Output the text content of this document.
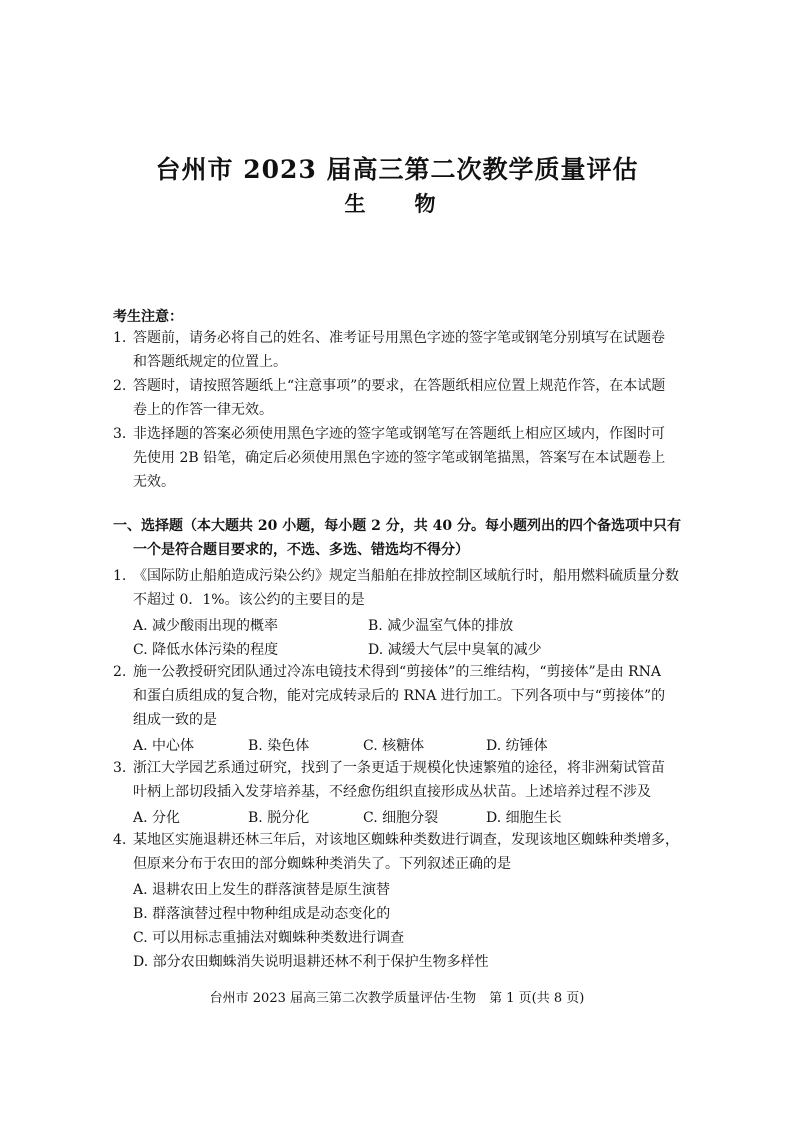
台州市 2023 届高三第二次教学质量评估
生　物
考生注意：
1. 答题前，请务必将自己的姓名、准考证号用黑色字迹的签字笔或钢笔分别填写在试题卷
和答题纸规定的位置上。
2. 答题时，请按照答题纸上“注意事项”的要求，在答题纸相应位置上规范作答，在本试题
卷上的作答一律无效。
3. 非选择题的答案必须使用黑色字迹的签字笔或钢笔写在答题纸上相应区域内，作图时可
先使用 2B 铅笔，确定后必须使用黑色字迹的签字笔或钢笔描黑，答案写在本试题卷上
无效。
一、选择题（本大题共 20 小题，每小题 2 分，共 40 分。每小题列出的四个备选项中只有
一个是符合题目要求的，不选、多选、错选均不得分）
1. 《国际防止船舶造成污染公约》规定当船舶在排放控制区域航行时，船用燃料硫质量分数
不超过 0．1%。该公约的主要目的是
A. 减少酸雨出现的概率	B. 减少温室气体的排放
C. 降低水体污染的程度	D. 减缓大气层中臭氧的减少
2. 施一公教授研究团队通过冷冻电镜技术得到“剪接体”的三维结构，“剪接体”是由 RNA
和蛋白质组成的复合物，能对完成转录后的 RNA 进行加工。下列各项中与“剪接体”的
组成一致的是
A. 中心体	B. 染色体	C. 核糖体	D. 纺锤体
3. 浙江大学园艺系通过研究，找到了一条更适于规模化快速繁殖的途径，将非洲菊试管苗
叶柄上部切段插入发芽培养基，不经愈伤组织直接形成丛状苗。上述培养过程不涉及
A. 分化	B. 脱分化	C. 细胞分裂	D. 细胞生长
4. 某地区实施退耕还林三年后，对该地区蜘蛛种类数进行调查，发现该地区蜘蛛种类增多，
但原来分布于农田的部分蜘蛛种类消失了。下列叙述正确的是
A. 退耕农田上发生的群落演替是原生演替
B. 群落演替过程中物种组成是动态变化的
C. 可以用标志重捕法对蜘蛛种类数进行调查
D. 部分农田蜘蛛消失说明退耕还林不利于保护生物多样性
台州市 2023 届高三第二次教学质量评估·生物　第 1 页(共 8 页)
